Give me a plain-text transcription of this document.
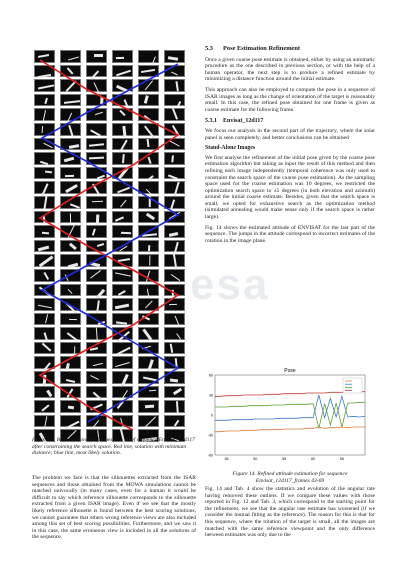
Figure 13. Best solutions for frames 9 to 19 of sequence Envisat_13d317 after constraining the search space. Red line, solution with minimum distance; blue line, most likely solution.
The problem we face is that the silhouettes extracted from the ISAR sequences and those obtained from the MOWA simulations cannot be matched univocally (in many cases, even for a human it would be difficult to say which reference silhouette corresponds to the silhouette extracted from a given ISAR image). Even if we see that the mostly likely reference silhouette is found between the best scoring solutions, we cannot guarantee that others wrong reference views are also included among this set of best scoring possibilities. Furthermore, and we saw it in this case, the same erroneous view is included in all the solutions of the sequence.
5.3 Pose Estimation Refinement

Once a given coarse pose estimate is obtained, either by using an automatic procedure as the one described in previous section, or with the help of a human operator, the next step is to produce a refined estimate by minimizing a distance function around the initial estimate.

This approach can also be employed to compute the pose in a sequence of ISAR images as long as the change of orientation of the target is reasonably small. In this case, the refined pose obtained for one frame is given as coarse estimate for the following frame.

5.3.1 Envisat_12d117

We focus our analysis in the second part of the trajectory, where the solar panel is seen completely, and better conclusions can be obtained

Stand-Alone Images

We first analyse the refinement of the initial pose given by the coarse pose estimation algorithm but taking as input the result of this method and then refining each image independently (temporal coherence was only used to constraint the search space of the coarse pose estimation). As the sampling space used for the coarse estimation was 10 degrees, we restricted the optimization search space to ±5 degrees (in both elevation and azimuth) around the initial coarse estimate. Besides, given that the search space is small, we opted for exhaustive search as the optimization method (simulated annealing would make sense only if the search space is rather large).

Fig. 14 shows the estimated attitude of ENVISAT for the last part of the sequence. The jumps in the attitude correspond to incorrect estimates of the rotation in the image plane.

Pose
-60
-30
0
30
60
45	50	55	60	65
Figure 14. Refined attitude estimation for sequence Envisat_12d117_frames 43-69

Fig. 14 and Tab. 4 show the statistics and evolution of the angular rate having removed these outliers. If we compare these values with those reported in Fig. 12 and Tab. 3, which correspond to the starting point for the refinement, we see that the angular rate estimate has worsened (if we consider the mutual fitting as the reference). The reason for this is that for this sequence, where the rotation of the target is small, all the images are matched with the same reference viewpoint and the only difference between estimates was only due to the

esa
